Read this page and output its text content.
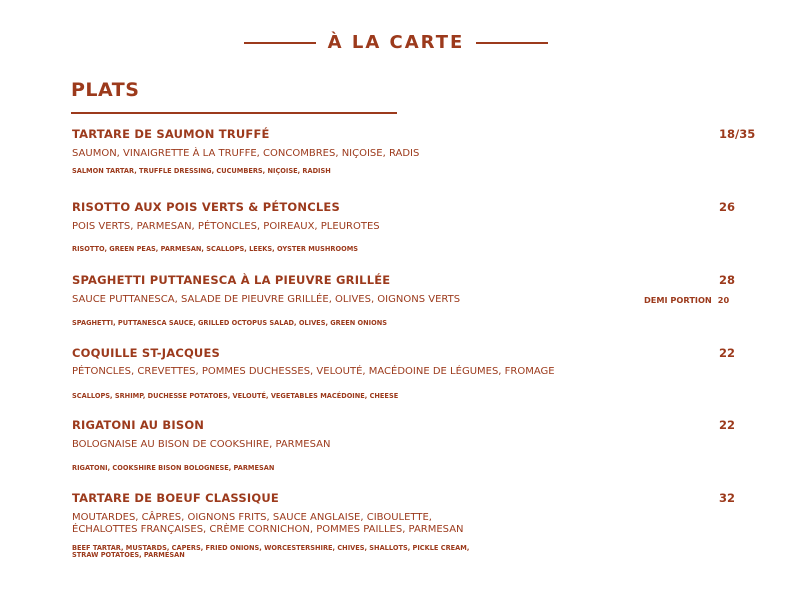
À LA CARTE
PLATS
TARTARE DE SAUMON TRUFFÉ	18/35
SAUMON, VINAIGRETTE À LA TRUFFE, CONCOMBRES, NIÇOISE, RADIS
SALMON TARTAR, TRUFFLE DRESSING, CUCUMBERS, NIÇOISE, RADISH
RISOTTO AUX POIS VERTS & PÉTONCLES	26
POIS VERTS, PARMESAN, PÉTONCLES, POIREAUX, PLEUROTES
RISOTTO, GREEN PEAS, PARMESAN, SCALLOPS, LEEKS, OYSTER MUSHROOMS
SPAGHETTI PUTTANESCA À LA PIEUVRE GRILLÉE	28
SAUCE PUTTANESCA, SALADE DE PIEUVRE GRILLÉE, OLIVES, OIGNONS VERTS	DEMI PORTION 20
SPAGHETTI, PUTTANESCA SAUCE, GRILLED OCTOPUS SALAD, OLIVES, GREEN ONIONS
COQUILLE ST-JACQUES	22
PÉTONCLES, CREVETTES, POMMES DUCHESSES, VELOUTÉ, MACÉDOINE DE LÉGUMES, FROMAGE
SCALLOPS, SRHIMP, DUCHESSE POTATOES, VELOUTÉ, VEGETABLES MACÉDOINE, CHEESE
RIGATONI AU BISON	22
BOLOGNAISE AU BISON DE COOKSHIRE, PARMESAN
RIGATONI, COOKSHIRE BISON BOLOGNESE, PARMESAN
TARTARE DE BOEUF CLASSIQUE	32
MOUTARDES, CÂPRES, OIGNONS FRITS, SAUCE ANGLAISE, CIBOULETTE,
ÉCHALOTTES FRANÇAISES, CRÈME CORNICHON, POMMES PAILLES, PARMESAN
BEEF TARTAR, MUSTARDS, CAPERS, FRIED ONIONS, WORCESTERSHIRE, CHIVES, SHALLOTS, PICKLE CREAM,
STRAW POTATOES, PARMESAN
